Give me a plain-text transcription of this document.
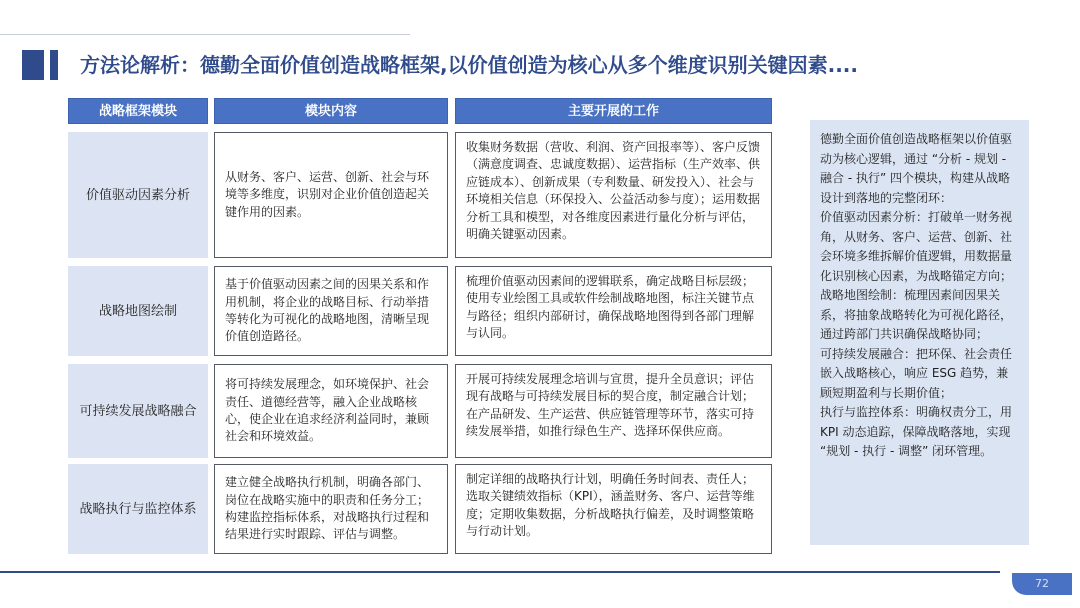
方法论解析：德勤全面价值创造战略框架,以价值创造为核心从多个维度识别关键因素....
战略框架模块	模块内容	主要开展的工作
价值驱动因素分析
从财务、客户、运营、创新、社会与环境等多维度，识别对企业价值创造起关键作用的因素。
收集财务数据（营收、利润、资产回报率等）、客户反馈（满意度调查、忠诚度数据）、运营指标（生产效率、供应链成本）、创新成果（专利数量、研发投入）、社会与环境相关信息（环保投入、公益活动参与度）；运用数据分析工具和模型，对各维度因素进行量化分析与评估，明确关键驱动因素。
战略地图绘制
基于价值驱动因素之间的因果关系和作用机制，将企业的战略目标、行动举措等转化为可视化的战略地图，清晰呈现价值创造路径。
梳理价值驱动因素间的逻辑联系，确定战略目标层级；使用专业绘图工具或软件绘制战略地图，标注关键节点与路径；组织内部研讨，确保战略地图得到各部门理解与认同。
可持续发展战略融合
将可持续发展理念，如环境保护、社会责任、道德经营等，融入企业战略核心，使企业在追求经济利益同时，兼顾社会和环境效益。
开展可持续发展理念培训与宣贯，提升全员意识；评估现有战略与可持续发展目标的契合度，制定融合计划；在产品研发、生产运营、供应链管理等环节，落实可持续发展举措，如推行绿色生产、选择环保供应商。
战略执行与监控体系
建立健全战略执行机制，明确各部门、岗位在战略实施中的职责和任务分工；构建监控指标体系，对战略执行过程和结果进行实时跟踪、评估与调整。
制定详细的战略执行计划，明确任务时间表、责任人；选取关键绩效指标（KPI），涵盖财务、客户、运营等维度；定期收集数据，分析战略执行偏差，及时调整策略与行动计划。

德勤全面价值创造战略框架以价值驱动为核心逻辑，通过 “分析 - 规划 - 融合 - 执行” 四个模块，构建从战略设计到落地的完整闭环：

价值驱动因素分析：打破单一财务视角，从财务、客户、运营、创新、社会环境多维拆解价值逻辑，用数据量化识别核心因素，为战略锚定方向；

战略地图绘制：梳理因素间因果关系，将抽象战略转化为可视化路径，通过跨部门共识确保战略协同；

可持续发展融合：把环保、社会责任嵌入战略核心，响应 ESG 趋势，兼顾短期盈利与长期价值；

执行与监控体系：明确权责分工，用 KPI 动态追踪，保障战略落地，实现 “规划 - 执行 - 调整” 闭环管理。

72
